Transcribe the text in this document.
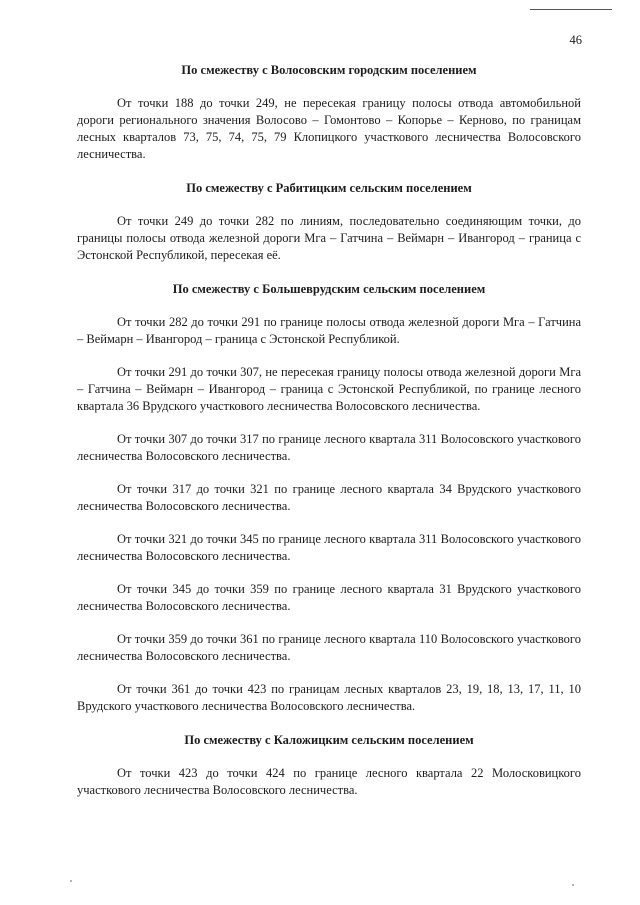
46

По смежеству с Волосовским городским поселением

От точки 188 до точки 249, не пересекая границу полосы отвода автомобильной дороги регионального значения Волосово – Гомонтово – Копорье – Керново, по границам лесных кварталов 73, 75, 74, 75, 79 Клопицкого участкового лесничества Волосовского лесничества.

По смежеству с Рабитицким сельским поселением

От точки 249 до точки 282 по линиям, последовательно соединяющим точки, до границы полосы отвода железной дороги Мга – Гатчина – Веймарн – Ивангород – граница с Эстонской Республикой, пересекая её.

По смежеству с Большеврудским сельским поселением

От точки 282 до точки 291 по границе полосы отвода железной дороги Мга – Гатчина – Веймарн – Ивангород – граница с Эстонской Республикой.

От точки 291 до точки 307, не пересекая границу полосы отвода железной дороги Мга – Гатчина – Веймарн – Ивангород – граница с Эстонской Республикой, по границе лесного квартала 36 Врудского участкового лесничества Волосовского лесничества.

От точки 307 до точки 317 по границе лесного квартала 311 Волосовского участкового лесничества Волосовского лесничества.

От точки 317 до точки 321 по границе лесного квартала 34 Врудского участкового лесничества Волосовского лесничества.

От точки 321 до точки 345 по границе лесного квартала 311 Волосовского участкового лесничества Волосовского лесничества.

От точки 345 до точки 359 по границе лесного квартала 31 Врудского участкового лесничества Волосовского лесничества.

От точки 359 до точки 361 по границе лесного квартала 110 Волосовского участкового лесничества Волосовского лесничества.

От точки 361 до точки 423 по границам лесных кварталов 23, 19, 18, 13, 17, 11, 10 Врудского участкового лесничества Волосовского лесничества.

По смежеству с Каложицким сельским поселением

От точки 423 до точки 424 по границе лесного квартала 22 Молосковицкого участкового лесничества Волосовского лесничества.
